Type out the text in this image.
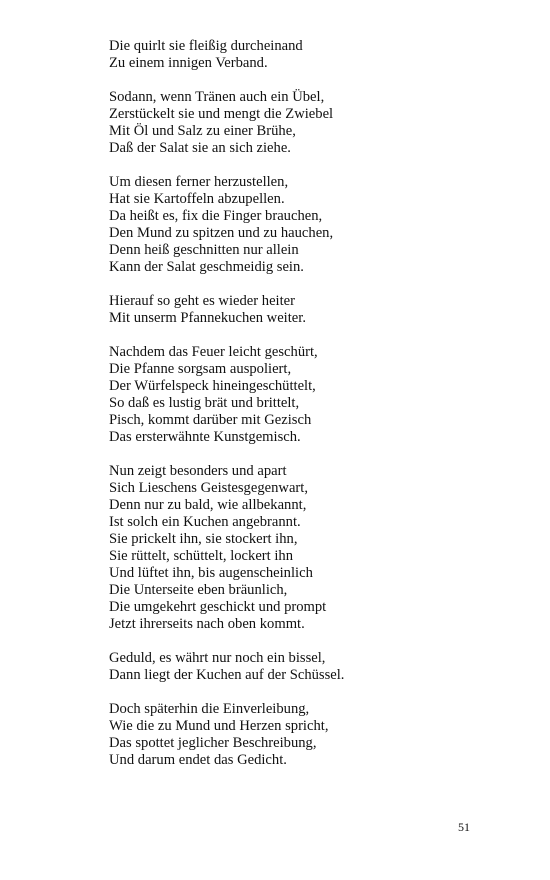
Die quirlt sie fleißig durcheinand
Zu einem innigen Verband.
Sodann, wenn Tränen auch ein Übel,
Zerstückelt sie und mengt die Zwiebel
Mit Öl und Salz zu einer Brühe,
Daß der Salat sie an sich ziehe.
Um diesen ferner herzustellen,
Hat sie Kartoffeln abzupellen.
Da heißt es, fix die Finger brauchen,
Den Mund zu spitzen und zu hauchen,
Denn heiß geschnitten nur allein
Kann der Salat geschmeidig sein.
Hierauf so geht es wieder heiter
Mit unserm Pfannekuchen weiter.
Nachdem das Feuer leicht geschürt,
Die Pfanne sorgsam auspoliert,
Der Würfelspeck hineingeschüttelt,
So daß es lustig brät und brittelt,
Pisch, kommt darüber mit Gezisch
Das ersterwähnte Kunstgemisch.
Nun zeigt besonders und apart
Sich Lieschens Geistesgegenwart,
Denn nur zu bald, wie allbekannt,
Ist solch ein Kuchen angebrannt.
Sie prickelt ihn, sie stockert ihn,
Sie rüttelt, schüttelt, lockert ihn
Und lüftet ihn, bis augenscheinlich
Die Unterseite eben bräunlich,
Die umgekehrt geschickt und prompt
Jetzt ihrerseits nach oben kommt.
Geduld, es währt nur noch ein bissel,
Dann liegt der Kuchen auf der Schüssel.
Doch späterhin die Einverleibung,
Wie die zu Mund und Herzen spricht,
Das spottet jeglicher Beschreibung,
Und darum endet das Gedicht.
51
